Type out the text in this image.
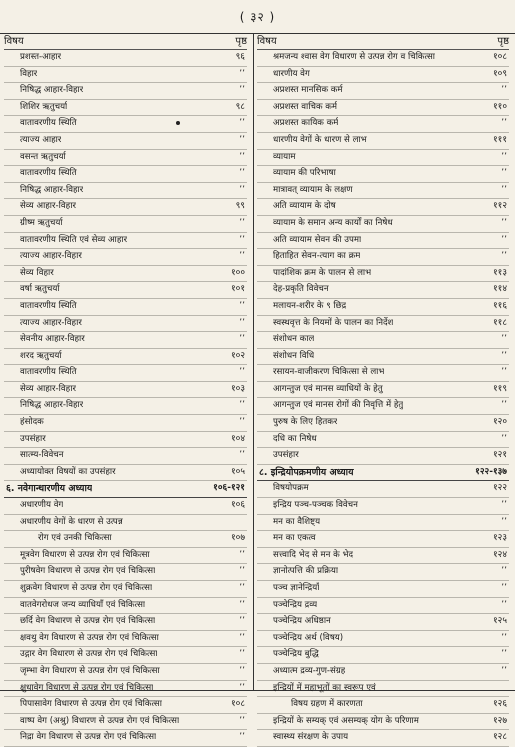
( ३२ )
विषय	पृष्ठ
प्रशस्त-आहार	९६
विहार	’’
निषिद्ध आहार-विहार	’’
शिशिर ऋतुचर्या	९८
वातावरणीय स्थिति	’’
त्याज्य आहार	’’
वसन्त ऋतुचर्या	’’
वातावरणीय स्थिति	’’
निषिद्ध आहार-विहार	’’
सेव्य आहार-विहार	९९
ग्रीष्म ऋतुचर्या	’’
वातावरणीय स्थिति एवं सेव्य आहार	’’
त्याज्य आहार-विहार	’’
सेव्य विहार	१००
वर्षा ऋतुचर्या	१०१
वातावरणीय स्थिति	’’
त्याज्य आहार-विहार	’’
सेवनीय आहार-विहार	’’
शरद ऋतुचर्या	१०२
वातावरणीय स्थिति	’’
सेव्य आहार-विहार	१०३
निषिद्ध आहार-विहार	’’
हंसोदक	’’
उपसंहार	१०४
सात्म्य-विवेचन	’’
अध्यायोक्त विषयों का उपसंहार	१०५
६. नवेगान्धारणीय अध्याय	१०६-१२१
अधारणीय वेग	१०६
अधारणीय वेगों के धारण से उत्पन्न
रोग एवं उनकी चिकित्सा	१०७
मूत्रवेग विधारण से उत्पन्न रोग एवं चिकित्सा	’’
पुरीषवेग विधारण से उत्पन्न रोग एवं चिकित्सा	’’
शुक्रवेग विधारण से उत्पन्न रोग एवं चिकित्सा	’’
वातवेगरोधज जन्य व्याधियाँ एवं चिकित्सा	’’
छर्दि वेग विधारण से उत्पन्न रोग एवं चिकित्सा	’’
क्षवथु वेग विधारण से उत्पन्न रोग एवं चिकित्सा	’’
उद्गार वेग विधारण से उत्पन्न रोग एवं चिकित्सा	’’
जृम्भा वेग विधारण से उत्पन्न रोग एवं चिकित्सा	’’
क्षुधावेग विधारण से उत्पन्न रोग एवं चिकित्सा	’’
पिपासावेग विधारण से उत्पन्न रोग एवं चिकित्सा	१०८
वाष्प वेग (अश्रु) विधारण से उत्पन्न रोग एवं चिकित्सा	’’
निद्रा वेग विधारण से उत्पन्न रोग एवं चिकित्सा	’’
विषय	पृष्ठ
श्रमजन्य श्वास वेग विधारण से उत्पन्न रोग व चिकित्सा	१०८
धारणीय वेग	१०९
अप्रशस्त मानसिक कर्म	’’
अप्रशस्त वाचिक कर्म	११०
अप्रशस्त कायिक कर्म	’’
धारणीय वेगों के धारण से लाभ	१११
व्यायाम	’’
व्यायाम की परिभाषा	’’
मात्रावत् व्यायाम के लक्षण	’’
अति व्यायाम के दोष	११२
व्यायाम के समान अन्य कार्यों का निषेध	’’
अति व्यायाम सेवन की उपमा	’’
हिताहित सेवन-त्याग का क्रम	’’
पादांशिक क्रम के पालन से लाभ	११३
देह-प्रकृति विवेचन	११४
मलायन-शरीर के ९ छिद्र	११६
स्वस्थवृत्त के नियमों के पालन का निर्देश	११८
संशोधन काल	’’
संशोधन विधि	’’
रसायन-वाजीकरण चिकित्सा से लाभ	’’
आगन्तुज एवं मानस व्याधियों के हेतु	११९
आगन्तुज एवं मानस रोगों की निवृत्ति में हेतु	’’
पुरुष के लिए हितकर	१२०
दधि का निषेध	’’
उपसंहार	१२१
८. इन्द्रियोपक्रमणीय अध्याय	१२२-१३७
विषयोपक्रम	१२२
इन्द्रिय पञ्च-पञ्चक विवेचन	’’
मन का वैशिष्ट्य	’’
मन का एकत्व	१२३
सत्त्वादि भेद से मन के भेद	१२४
ज्ञानोत्पत्ति की प्रक्रिया	’’
पञ्च ज्ञानेन्द्रियाँ	’’
पञ्चेन्द्रिय द्रव्य	’’
पञ्चेन्द्रिय अधिष्ठान	१२५
पञ्चेन्द्रिय अर्थ (विषय)	’’
पञ्चेन्द्रिय बुद्धि	’’
अध्यात्म द्रव्य-गुण-संग्रह	’’
इन्द्रियों में महाभूतों का स्वरूप एवं
विषय ग्रहण में कारणता	१२६
इन्द्रियों के सम्यक् एवं असम्यक् योग के परिणाम	१२७
स्वास्थ्य संरक्षण के उपाय	१२८
